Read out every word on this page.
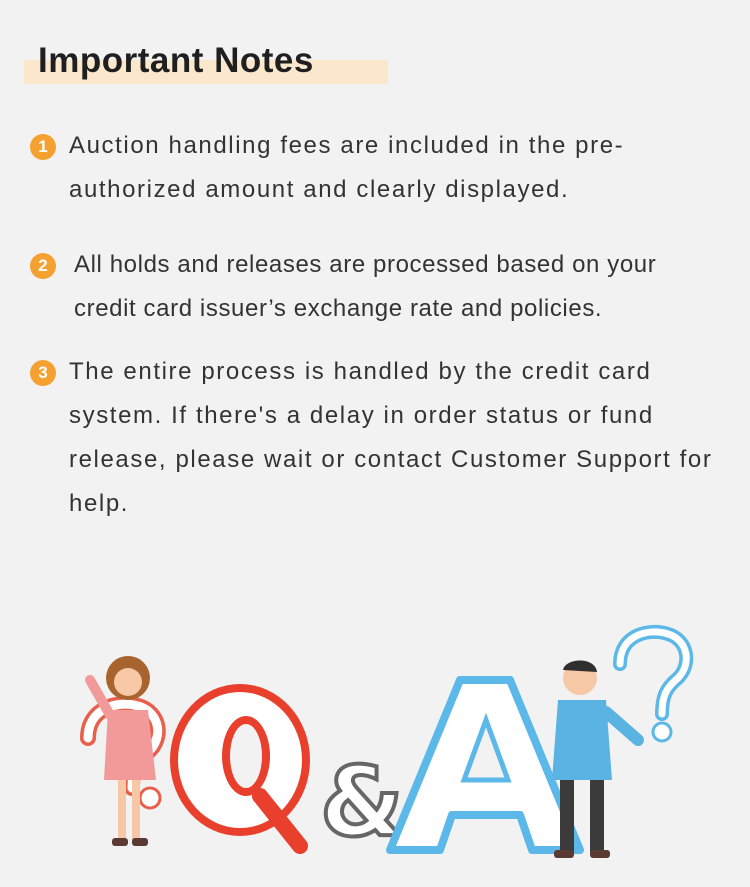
Important Notes
1 Auction handling fees are included in the pre-authorized amount and clearly displayed.

2	All holds and releases are processed based on your credit card issuer’s exchange rate and policies.

3 The entire process is handled by the credit card system. If there's a delay in order status or fund release, please wait or contact Customer Support for help.

&
